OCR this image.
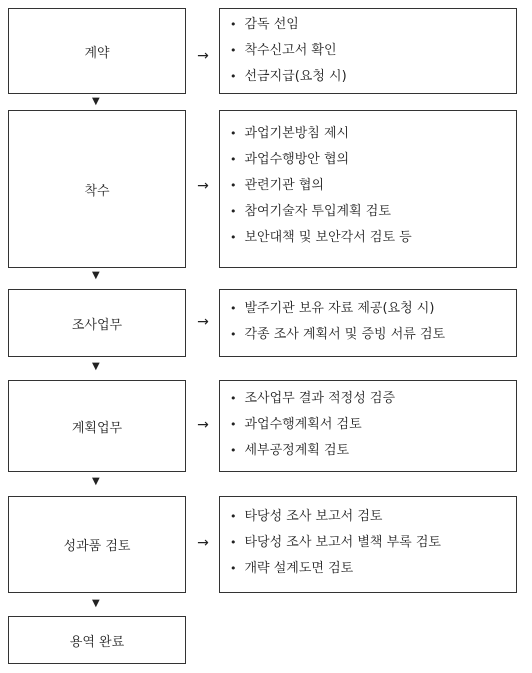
계약	→
• 감독 선임
• 착수신고서 확인
• 선금지급(요청 시)
▼
착수	→
• 과업기본방침 제시
• 과업수행방안 협의
• 관련기관 협의
• 참여기술자 투입계획 검토
• 보안대책 및 보안각서 검토 등
▼
조사업무	→
• 발주기관 보유 자료 제공(요청 시)
• 각종 조사 계획서 및 증빙 서류 검토
▼
계획업무	→
• 조사업무 결과 적정성 검증
• 과업수행계획서 검토
• 세부공정계획 검토
▼
성과품 검토	→
• 타당성 조사 보고서 검토
• 타당성 조사 보고서 별책 부록 검토
• 개략 설계도면 검토
▼
용역 완료
